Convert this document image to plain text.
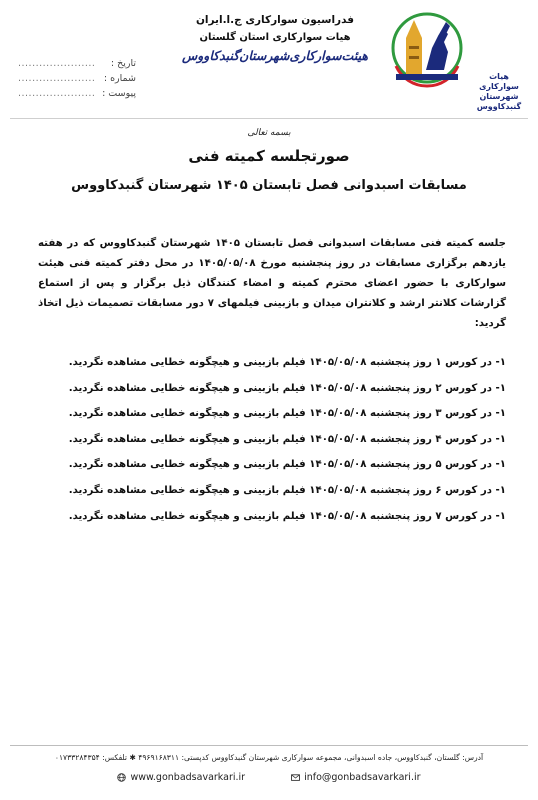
فدراسیون سوارکاری ج.ا.ایران
هیات سوارکاری استان گلستان
هیئت‌سوارکاری‌شهرستان‌گنبدکاووس
هیات سوارکاری شهرستان گنبدکاووس
تاریخ :
......................
شماره :
......................
پیوست :
......................
بسمه تعالی
صورتجلسه کمیته فنی
مسابقات اسبدوانی فصل تابستان ۱۴۰۵ شهرستان گنبدکاووس
جلسه کمیته فنی مسابقات اسبدوانی فصل تابستان ۱۴۰۵ شهرستان گنبدکاووس که در هفته یازدهم برگزاری مسابقات در روز پنجشنبه مورخ ۱۴۰۵/۰۵/۰۸ در محل دفتر کمیته فنی هیئت سوارکاری با حضور اعضای محترم کمیته و امضاء کنندگان ذیل برگزار و پس از استماع گزارشات کلانتر ارشد و کلانتران میدان و بازبینی فیلمهای ۷ دور مسابقات تصمیمات ذیل اتخاذ گردید:
۱- در کورس ۱ روز پنجشنبه ۱۴۰۵/۰۵/۰۸ فیلم بازبینی و هیچگونه خطایی مشاهده نگردید.
۱- در کورس ۲ روز پنجشنبه ۱۴۰۵/۰۵/۰۸ فیلم بازبینی و هیچگونه خطایی مشاهده نگردید.
۱- در کورس ۳ روز پنجشنبه ۱۴۰۵/۰۵/۰۸ فیلم بازبینی و هیچگونه خطایی مشاهده نگردید.
۱- در کورس ۴ روز پنجشنبه ۱۴۰۵/۰۵/۰۸ فیلم بازبینی و هیچگونه خطایی مشاهده نگردید.
۱- در کورس ۵ روز پنجشنبه ۱۴۰۵/۰۵/۰۸ فیلم بازبینی و هیچگونه خطایی مشاهده نگردید.
۱- در کورس ۶ روز پنجشنبه ۱۴۰۵/۰۵/۰۸ فیلم بازبینی و هیچگونه خطایی مشاهده نگردید.
۱- در کورس ۷ روز پنجشنبه ۱۴۰۵/۰۵/۰۸ فیلم بازبینی و هیچگونه خطایی مشاهده نگردید.
آدرس: گلستان، گنبدکاووس، جاده اسبدوانی، مجموعه سوارکاری شهرستان گنبدکاووس کدپستی: ۴۹۶۹۱۶۸۳۱۱ ✱ تلفکس: ۰۱۷۳۳۲۸۴۳۵۴
www.gonbadsavarkari.ir	info@gonbadsavarkari.ir
